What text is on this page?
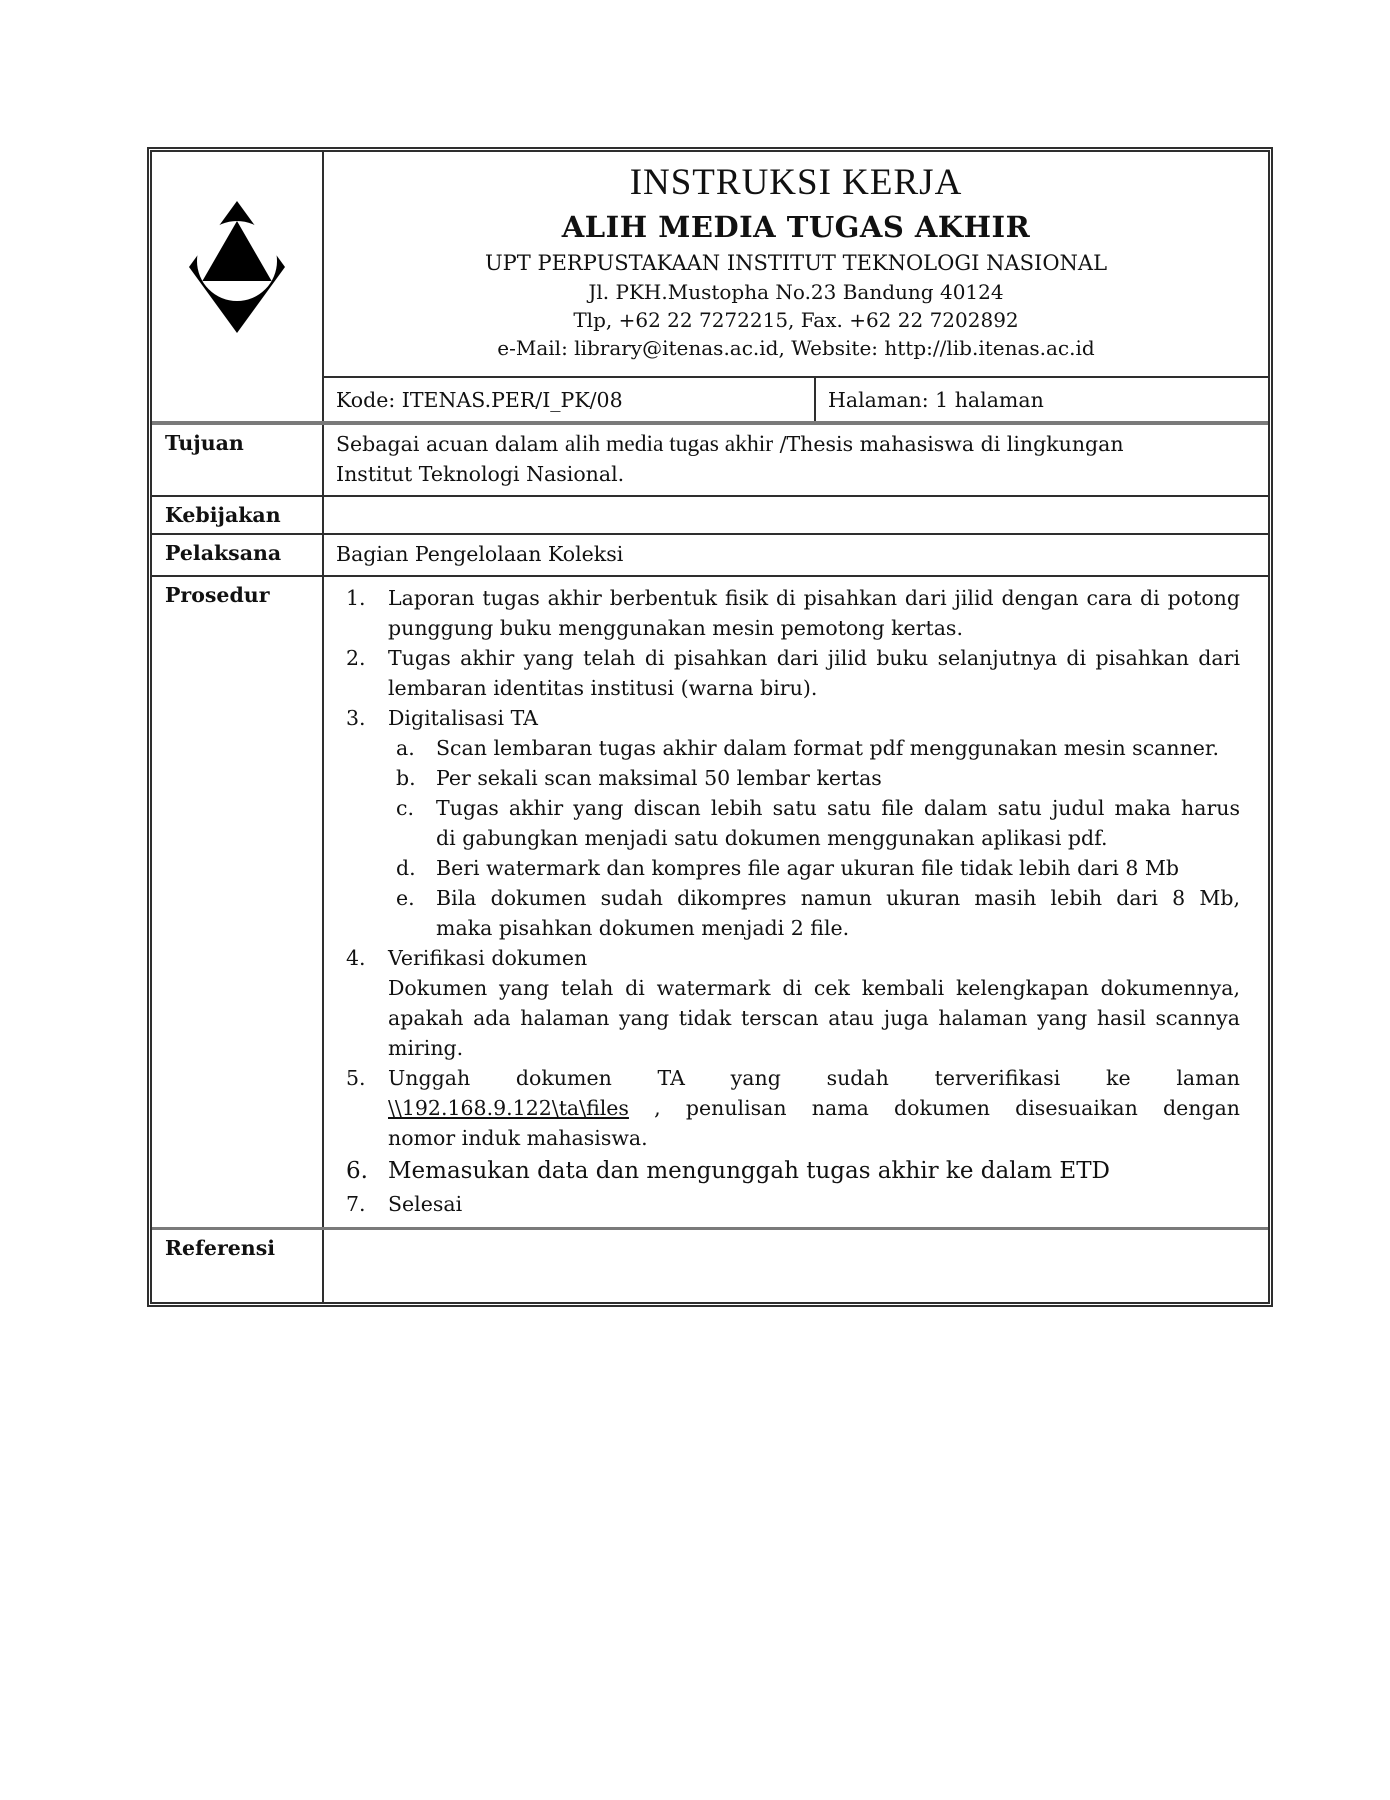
INSTRUKSI KERJA
ALIH MEDIA TUGAS AKHIR
UPT PERPUSTAKAAN INSTITUT TEKNOLOGI NASIONAL
Jl. PKH.Mustopha No.23 Bandung 40124
Tlp, +62 22 7272215, Fax. +62 22 7202892
e-Mail: library@itenas.ac.id, Website: http://lib.itenas.ac.id
Kode: ITENAS.PER/I_PK/08	Halaman: 1 halaman
Tujuan	Sebagai acuan dalam alih media tugas akhir /Thesis mahasiswa di lingkungan
Institut Teknologi Nasional.
Kebijakan
Pelaksana	Bagian Pengelolaan Koleksi
Prosedur	1.	Laporan tugas akhir berbentuk fisik di pisahkan dari jilid dengan cara di potong
punggung buku menggunakan mesin pemotong kertas.
2.	Tugas akhir yang telah di pisahkan dari jilid buku selanjutnya di pisahkan dari
lembaran identitas institusi (warna biru).
3.	Digitalisasi TA
a.	Scan lembaran tugas akhir dalam format pdf menggunakan mesin scanner.
b. Per sekali scan maksimal 50 lembar kertas
c.	Tugas akhir yang discan lebih satu satu file dalam satu judul maka harus
di gabungkan menjadi satu dokumen menggunakan aplikasi pdf.
d. Beri watermark dan kompres file agar ukuran file tidak lebih dari 8 Mb
e.	Bila dokumen sudah dikompres namun ukuran masih lebih dari 8 Mb,
maka pisahkan dokumen menjadi 2 file.
4.	Verifikasi dokumen
Dokumen yang telah di watermark di cek kembali kelengkapan dokumennya,
apakah ada halaman yang tidak terscan atau juga halaman yang hasil scannya
miring.
5.	Unggah dokumen TA yang sudah terverifikasi ke laman
\\192.168.9.122\ta\files , penulisan nama dokumen disesuaikan dengan
nomor induk mahasiswa.
6. Memasukan data dan mengunggah tugas akhir ke dalam ETD
7.	Selesai
Referensi
